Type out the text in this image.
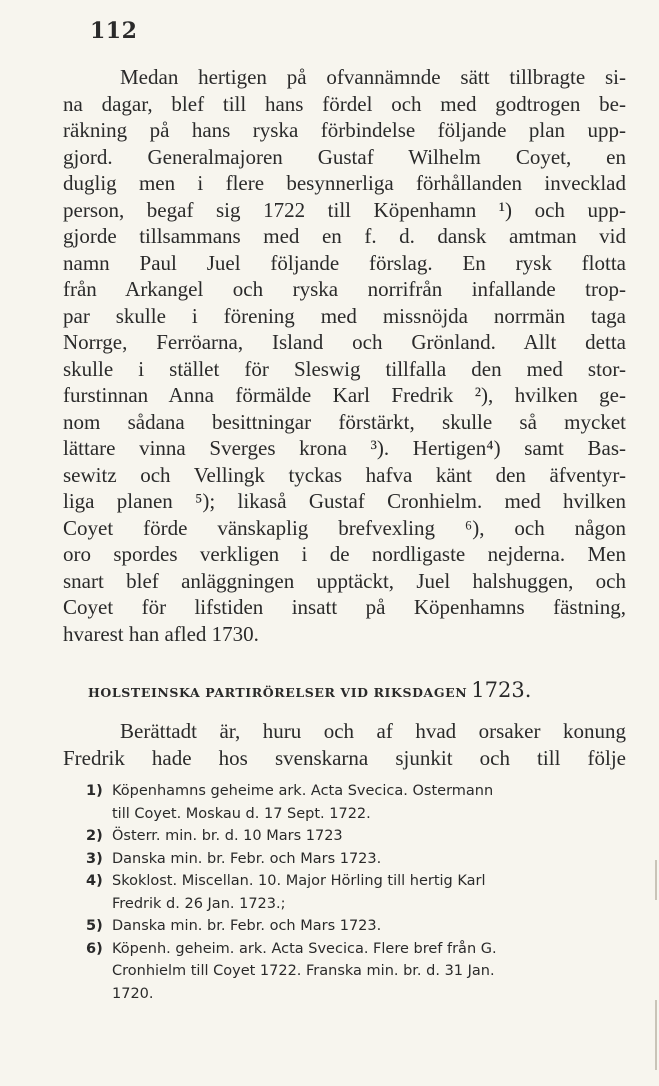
112
Medan hertigen på ofvannämnde sätt tillbragte si-
na dagar, blef till hans fördel och med godtrogen be-
räkning på hans ryska förbindelse följande plan upp-
gjord. Generalmajoren Gustaf Wilhelm Coyet, en
duglig men i flere besynnerliga förhållanden invecklad
person, begaf sig 1722 till Köpenhamn ¹) och upp-
gjorde tillsammans med en f. d. dansk amtman vid
namn Paul Juel följande förslag. En rysk flotta
från Arkangel och ryska norrifrån infallande trop-
par skulle i förening med missnöjda norrmän taga
Norrge, Ferröarna, Island och Grönland. Allt detta
skulle i stället för Sleswig tillfalla den med stor-
furstinnan Anna förmälde Karl Fredrik ²), hvilken ge-
nom sådana besittningar förstärkt, skulle så mycket
lättare vinna Sverges krona ³). Hertigen⁴) samt Bas-
sewitz och Vellingk tyckas hafva känt den äfventyr-
liga planen ⁵); likaså Gustaf Cronhielm. med hvilken
Coyet förde vänskaplig brefvexling ⁶), och någon
oro spordes verkligen i de nordligaste nejderna. Men
snart blef anläggningen upptäckt, Juel halshuggen, och
Coyet för lifstiden insatt på Köpenhamns fästning,
hvarest han afled 1730.
HOLSTEINSKA PARTIRÖRELSER VID RIKSDAGEN 1723.
Berättadt är, huru och af hvad orsaker konung
Fredrik hade hos svenskarna sjunkit och till följe
1) Köpenhamns geheime ark. Acta Svecica. Ostermann
till Coyet. Moskau d. 17 Sept. 1722.
2) Österr. min. br. d. 10 Mars 1723
3) Danska min. br. Febr. och Mars 1723.
4) Skoklost. Miscellan. 10. Major Hörling till hertig Karl
Fredrik d. 26 Jan. 1723.;
5) Danska min. br. Febr. och Mars 1723.
6) Köpenh. geheim. ark. Acta Svecica. Flere bref från G.
Cronhielm till Coyet 1722. Franska min. br. d. 31 Jan.
1720.
